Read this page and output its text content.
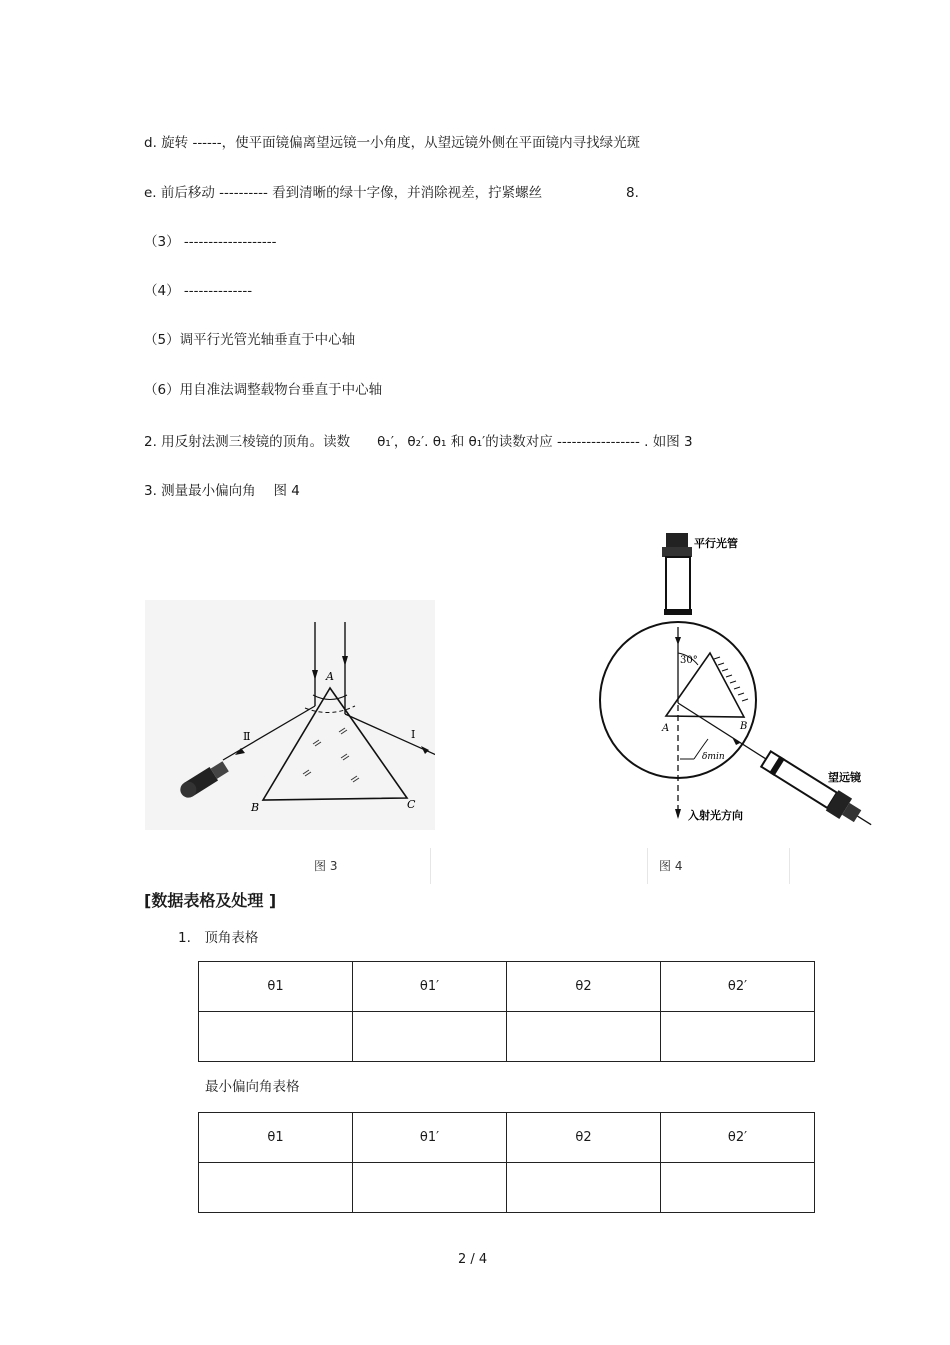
d. 旋转 ------，使平面镜偏离望远镜一小角度，从望远镜外侧在平面镜内寻找绿光斑
e. 前后移动 ---------- 看到清晰的绿十字像，并消除视差，拧紧螺丝	8.
（3） -------------------
（4） --------------
（5）调平行光管光轴垂直于中心轴
（6）用自准法调整载物台垂直于中心轴
2. 用反射法测三棱镜的顶角。读数　　θ₁′，θ₂′. θ₁ 和 θ₁′的读数对应 ----------------- . 如图 3
3. 测量最小偏向角　 图 4
A
B	C
I
Ⅱ
平行光管
30°
A	B
δmin
入射光方向
望远镜
图 3	图 4
[数据表格及处理 ]
1.　顶角表格
θ1	θ1′	θ2	θ2′

最小偏向角表格
θ1	θ1′	θ2	θ2′

2 / 4
